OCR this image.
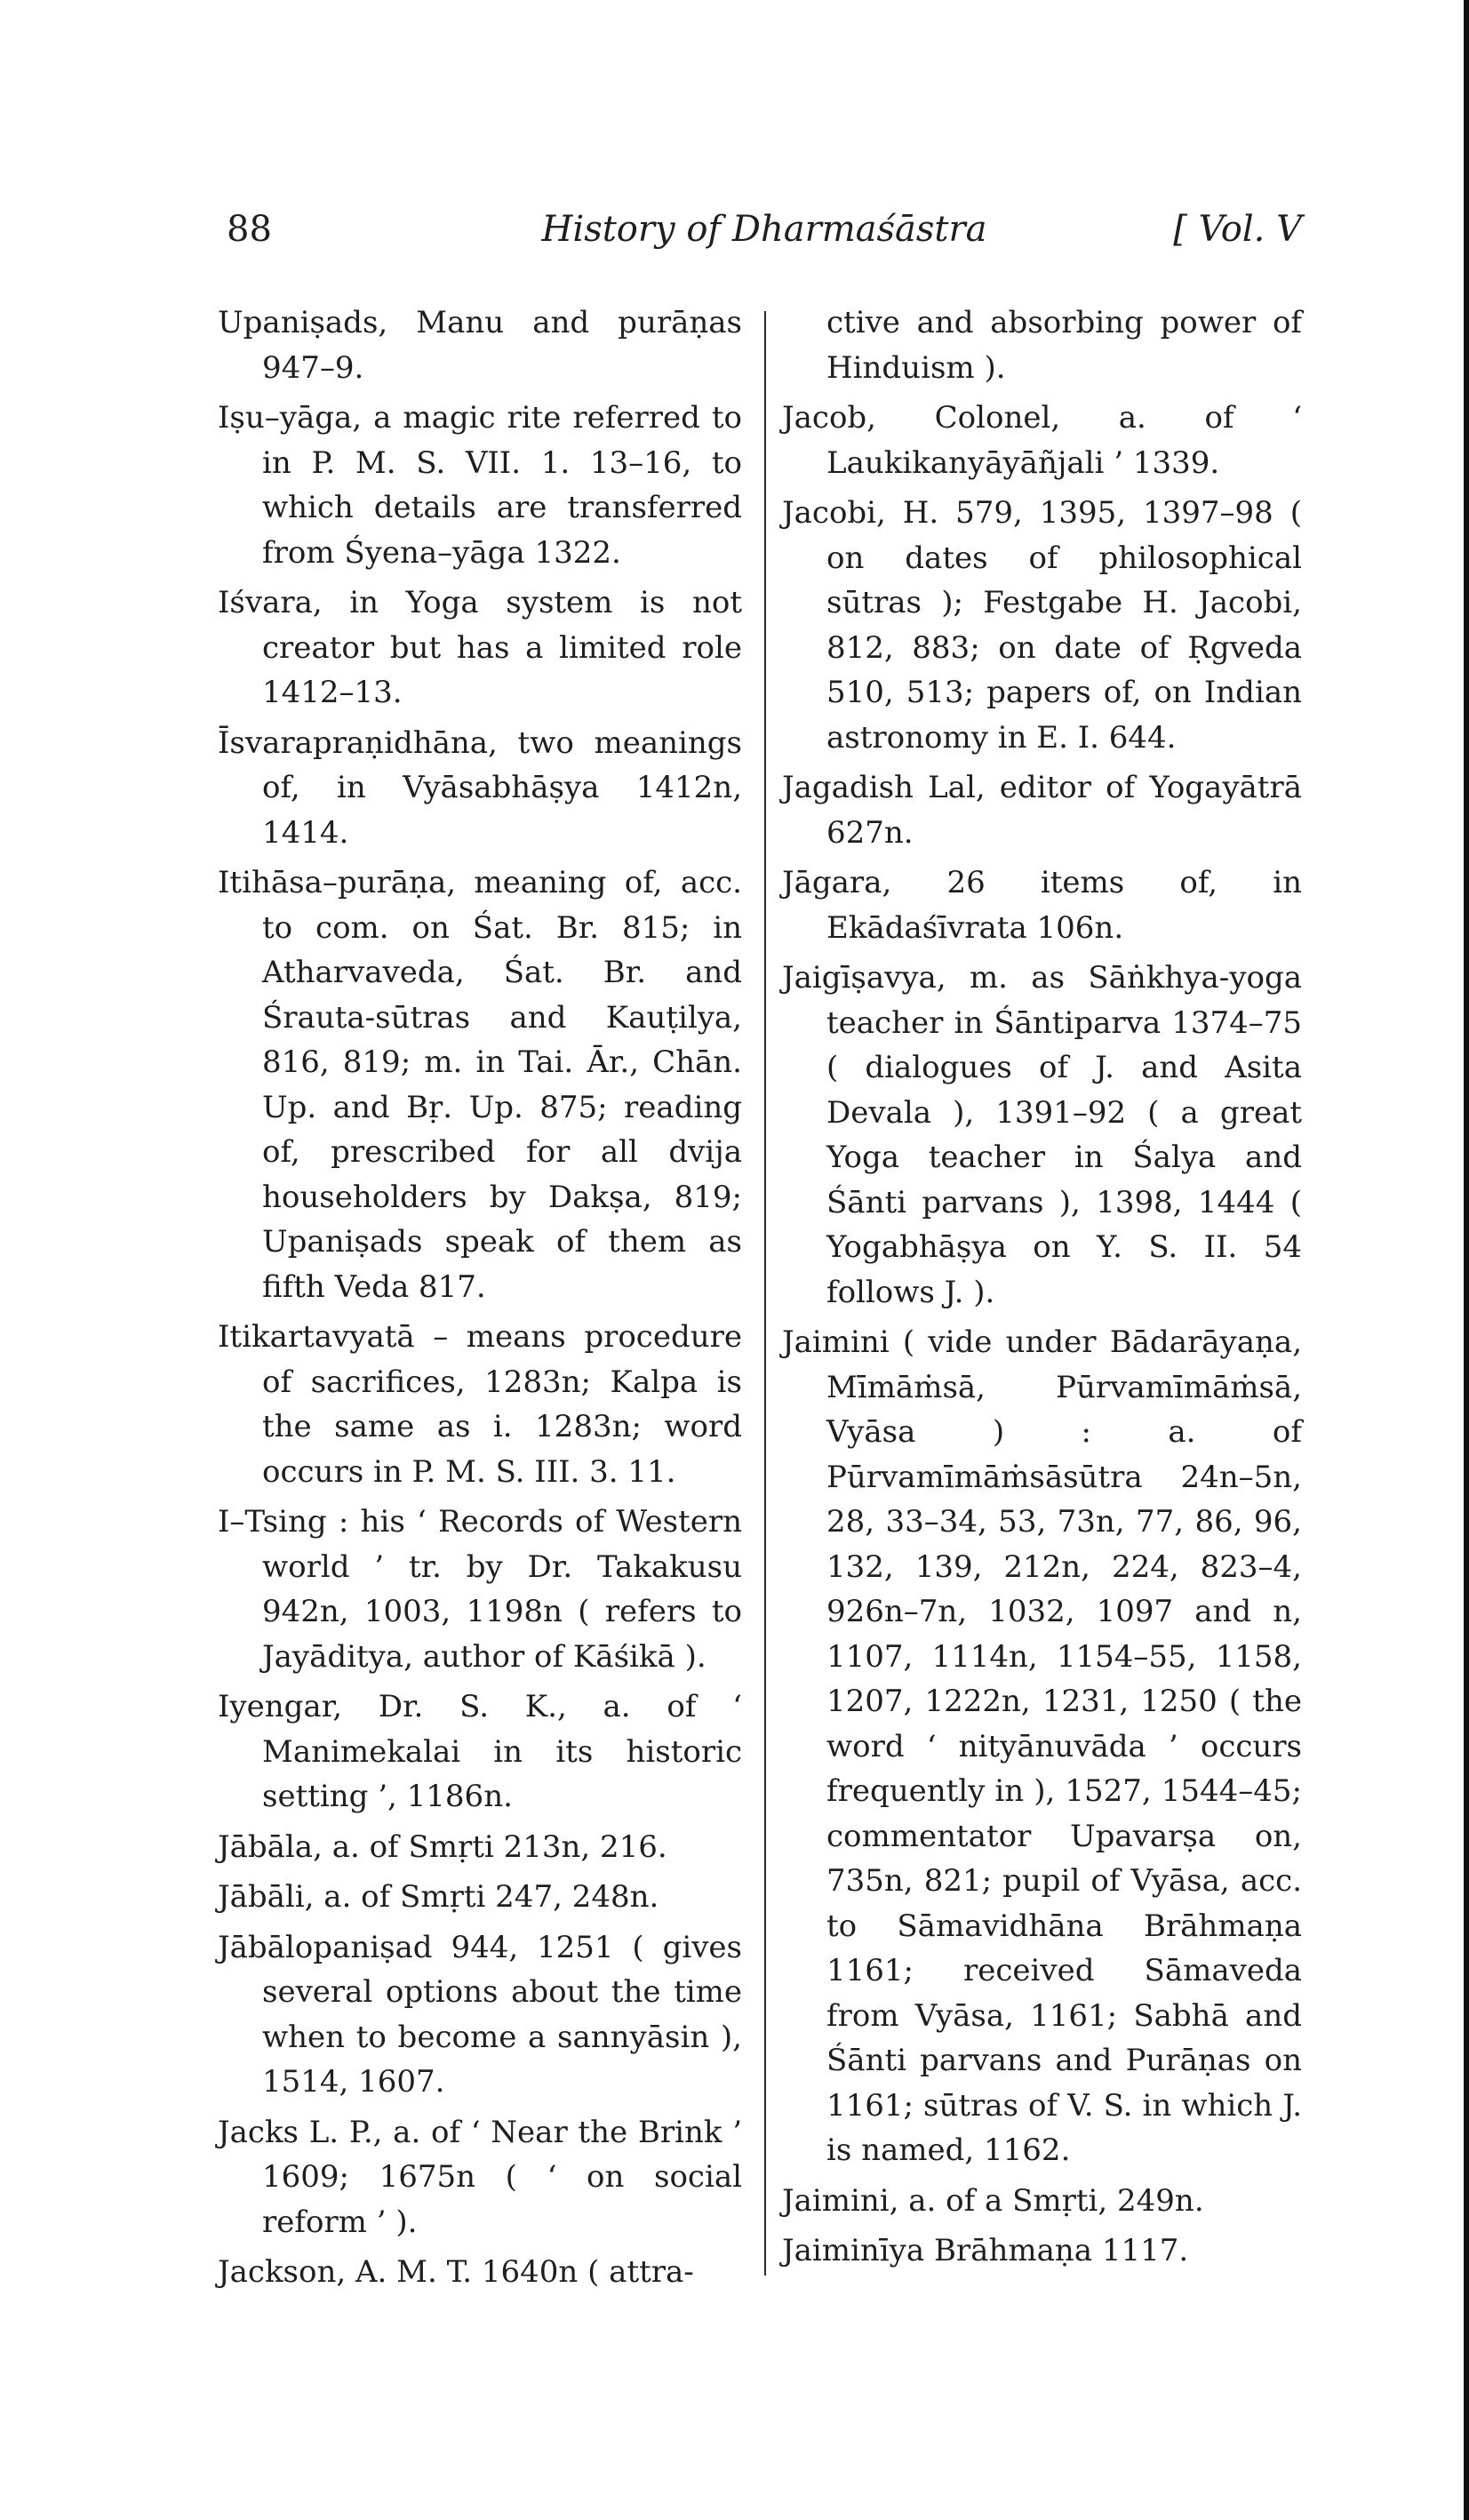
88	History of Dharmaśāstra	[ Vol. V

Upaniṣads, Manu and purāṇas 947–9.

Iṣu–yāga, a magic rite referred to in P. M. S. VII. 1. 13–16, to which details are transferred from Śyena–yāga 1322.

Iśvara, in Yoga system is not creator but has a limited role 1412–13.

Īsvarapraṇidhāna, two meanings of, in Vyāsabhāṣya 1412n, 1414.

Itihāsa–purāṇa, meaning of, acc. to com. on Śat. Br. 815; in Atharvaveda, Śat. Br. and Śrauta-sūtras and Kauṭilya, 816, 819; m. in Tai. Ār., Chān. Up. and Bṛ. Up. 875; reading of, prescribed for all dvija householders by Dakṣa, 819; Upaniṣads speak of them as fifth Veda 817.

Itikartavyatā – means procedure of sacrifices, 1283n; Kalpa is the same as i. 1283n; word occurs in P. M. S. III. 3. 11.

I–Tsing : his ‘ Records of Western world ’ tr. by Dr. Takakusu 942n, 1003, 1198n ( refers to Jayāditya, author of Kāśikā ).

Iyengar, Dr. S. K., a. of ‘ Manimekalai in its historic setting ’, 1186n.

Jābāla, a. of Smṛti 213n, 216.

Jābāli, a. of Smṛti 247, 248n.

Jābālopaniṣad 944, 1251 ( gives several options about the time when to become a sannyāsin ), 1514, 1607.

Jacks L. P., a. of ‘ Near the Brink ’ 1609; 1675n ( ‘ on social reform ’ ).

Jackson, A. M. T. 1640n ( attra-

ctive and absorbing power of Hinduism ).

Jacob, Colonel, a. of ‘ Laukikanyāyāñjali ’ 1339.

Jacobi, H. 579, 1395, 1397–98 ( on dates of philosophical sūtras ); Festgabe H. Jacobi, 812, 883; on date of Ṛgveda 510, 513; papers of, on Indian astronomy in E. I. 644.

Jagadish Lal, editor of Yogayātrā 627n.

Jāgara, 26 items of, in Ekādaśīvrata 106n.

Jaigīṣavya, m. as Sāṅkhya-yoga teacher in Śāntiparva 1374–75 ( dialogues of J. and Asita Devala ), 1391–92 ( a great Yoga teacher in Śalya and Śānti parvans ), 1398, 1444 ( Yogabhāṣya on Y. S. II. 54 follows J. ).

Jaimini ( vide under Bādarāyaṇa, Mīmāṁsā, Pūrvamīmāṁsā, Vyāsa ) : a. of Pūrvamīmāṁsāsūtra 24n–5n, 28, 33–34, 53, 73n, 77, 86, 96, 132, 139, 212n, 224, 823–4, 926n–7n, 1032, 1097 and n, 1107, 1114n, 1154–55, 1158, 1207, 1222n, 1231, 1250 ( the word ‘ nityānuvāda ’ occurs frequently in ), 1527, 1544–45; commentator Upavarṣa on, 735n, 821; pupil of Vyāsa, acc. to Sāmavidhāna Brāhmaṇa 1161; received Sāmaveda from Vyāsa, 1161; Sabhā and Śānti parvans and Purāṇas on 1161; sūtras of V. S. in which J. is named, 1162.

Jaimini, a. of a Smṛti, 249n.

Jaiminīya Brāhmaṇa 1117.
